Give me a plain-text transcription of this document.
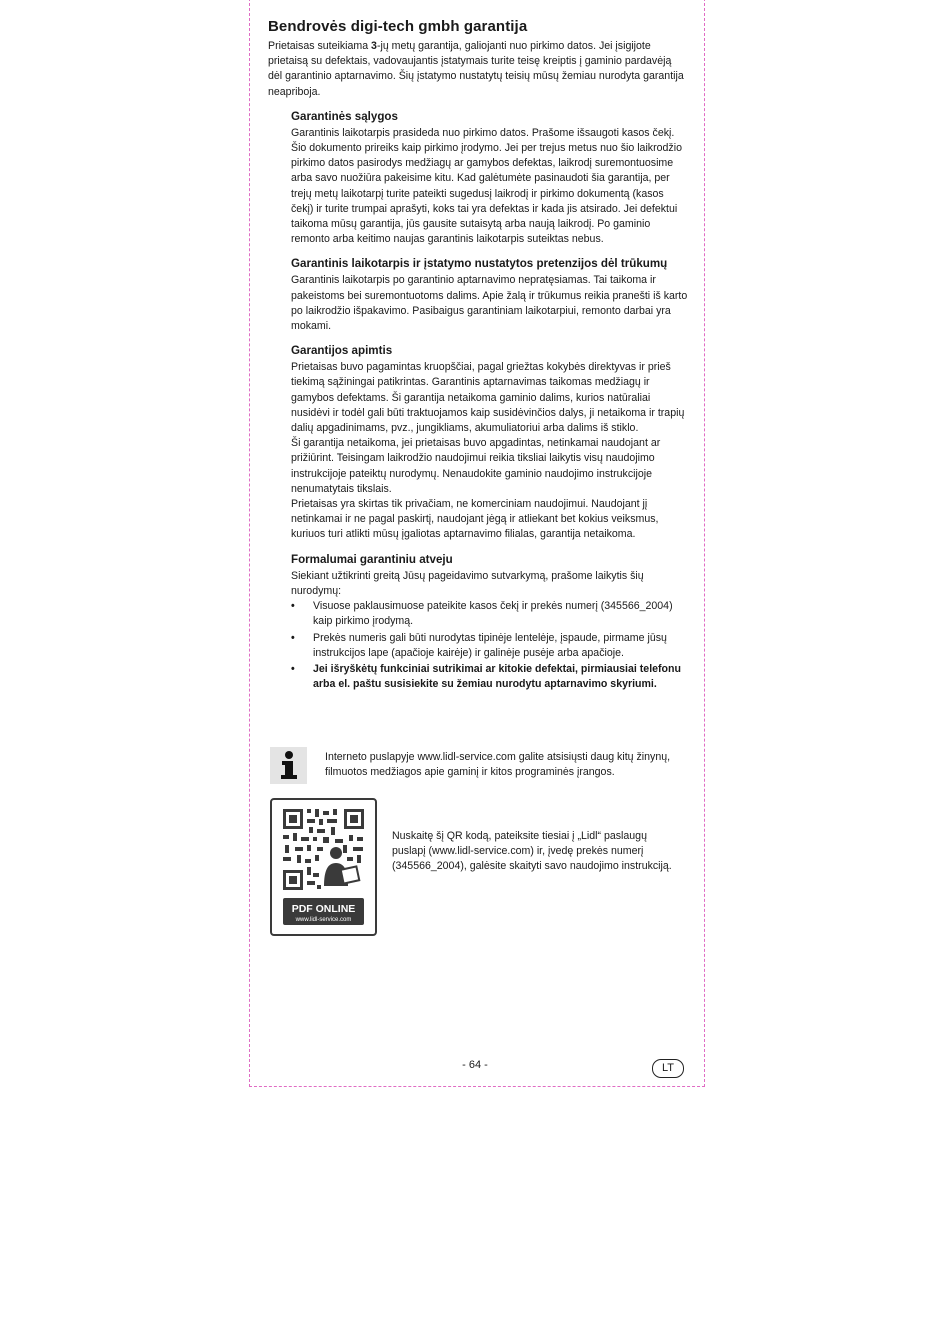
Bendrovės digi-tech gmbh garantija

Prietaisas suteikiama 3-jų metų garantija, galiojanti nuo pirkimo datos. Jei įsigijote prietaisą su defektais, vadovaujantis įstatymais turite teisę kreiptis į gaminio pardavėją dėl garantinio aptarnavimo. Šių įstatymo nustatytų teisių mūsų žemiau nurodyta garantija neapriboja.

Garantinės sąlygos

Garantinis laikotarpis prasideda nuo pirkimo datos. Prašome išsaugoti kasos čekį. Šio dokumento prireiks kaip pirkimo įrodymo. Jei per trejus metus nuo šio laikrodžio pirkimo datos pasirodys medžiagų ar gamybos defektas, laikrodį suremontuosime arba savo nuožiūra pakeisime kitu. Kad galėtumėte pasinaudoti šia garantija, per trejų metų laikotarpį turite pateikti sugedusį laikrodį ir pirkimo dokumentą (kasos čekį) ir turite trumpai aprašyti, koks tai yra defektas ir kada jis atsirado. Jei defektui taikoma mūsų garantija, jūs gausite sutaisytą arba naują laikrodį. Po gaminio remonto arba keitimo naujas garantinis laikotarpis suteiktas nebus.

Garantinis laikotarpis ir įstatymo nustatytos pretenzijos dėl trūkumų

Garantinis laikotarpis po garantinio aptarnavimo nepratęsiamas. Tai taikoma ir pakeistoms bei suremontuotoms dalims. Apie žalą ir trūkumus reikia pranešti iš karto po laikrodžio išpakavimo. Pasibaigus garantiniam laikotarpiui, remonto darbai yra mokami.

Garantijos apimtis

Prietaisas buvo pagamintas kruopščiai, pagal griežtas kokybės direktyvas ir prieš tiekimą sąžiningai patikrintas. Garantinis aptarnavimas taikomas medžiagų ir gamybos defektams. Ši garantija netaikoma gaminio dalims, kurios natūraliai nusidėvi ir todėl gali būti traktuojamos kaip susidėvinčios dalys, ji netaikoma ir trapių dalių apgadinimams, pvz., jungikliams, akumuliatoriui arba dalims iš stiklo.

Ši garantija netaikoma, jei prietaisas buvo apgadintas, netinkamai naudojant ar prižiūrint. Teisingam laikrodžio naudojimui reikia tiksliai laikytis visų naudojimo instrukcijoje pateiktų nurodymų. Nenaudokite gaminio naudojimo instrukcijoje nenumatytais tikslais.

Prietaisas yra skirtas tik privačiam, ne komerciniam naudojimui. Naudojant jį netinkamai ir ne pagal paskirtį, naudojant jėgą ir atliekant bet kokius veiksmus, kuriuos turi atlikti mūsų įgaliotas aptarnavimo filialas, garantija netaikoma.

Formalumai garantiniu atveju

Siekiant užtikrinti greitą Jūsų pageidavimo sutvarkymą, prašome laikytis šių nurodymų:

• Visuose paklausimuose pateikite kasos čekį ir prekės numerį (345566_2004) kaip pirkimo įrodymą.
• Prekės numeris gali būti nurodytas tipinėje lentelėje, įspaude, pirmame jūsų instrukcijos lape (apačioje kairėje) ir galinėje pusėje arba apačioje.
• Jei išryškėtų funkciniai sutrikimai ar kitokie defektai, pirmiausiai telefonu arba el. paštu susisiekite su žemiau nurodytu aptarnavimo skyriumi.
Interneto puslapyje www.lidl-service.com galite atsisiųsti daug kitų žinynų, filmuotos medžiagos apie gaminį ir kitos programinės įrangos.
PDF ONLINE
www.lidl-service.com
Nuskaitę šį QR kodą, pateiksite tiesiai į „Lidl“ paslaugų puslapį (www.lidl-service.com) ir, įvedę prekės numerį (345566_2004), galėsite skaityti savo naudojimo instrukciją.
- 64 -	LT
